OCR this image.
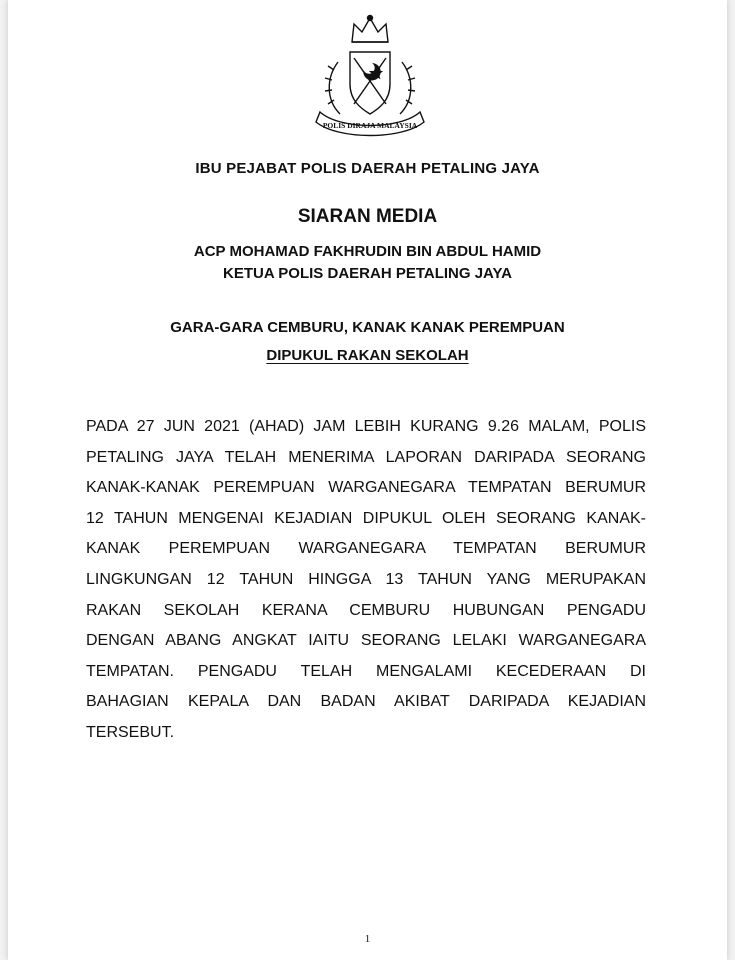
POLIS DIRAJA MALAYSIA
IBU PEJABAT POLIS DAERAH PETALING JAYA
SIARAN MEDIA
ACP MOHAMAD FAKHRUDIN BIN ABDUL HAMID
KETUA POLIS DAERAH PETALING JAYA
GARA-GARA CEMBURU, KANAK KANAK PEREMPUAN
DIPUKUL RAKAN SEKOLAH
PADA 27 JUN 2021 (AHAD) JAM LEBIH KURANG 9.26 MALAM, POLIS
PETALING JAYA TELAH MENERIMA LAPORAN DARIPADA SEORANG
KANAK-KANAK PEREMPUAN WARGANEGARA TEMPATAN BERUMUR
12 TAHUN MENGENAI KEJADIAN DIPUKUL OLEH SEORANG KANAK-
KANAK PEREMPUAN WARGANEGARA TEMPATAN BERUMUR
LINGKUNGAN 12 TAHUN HINGGA 13 TAHUN YANG MERUPAKAN
RAKAN SEKOLAH KERANA CEMBURU HUBUNGAN PENGADU
DENGAN ABANG ANGKAT IAITU SEORANG LELAKI WARGANEGARA
TEMPATAN. PENGADU TELAH MENGALAMI KECEDERAAN DI
BAHAGIAN KEPALA DAN BADAN AKIBAT DARIPADA KEJADIAN
TERSEBUT.
1
